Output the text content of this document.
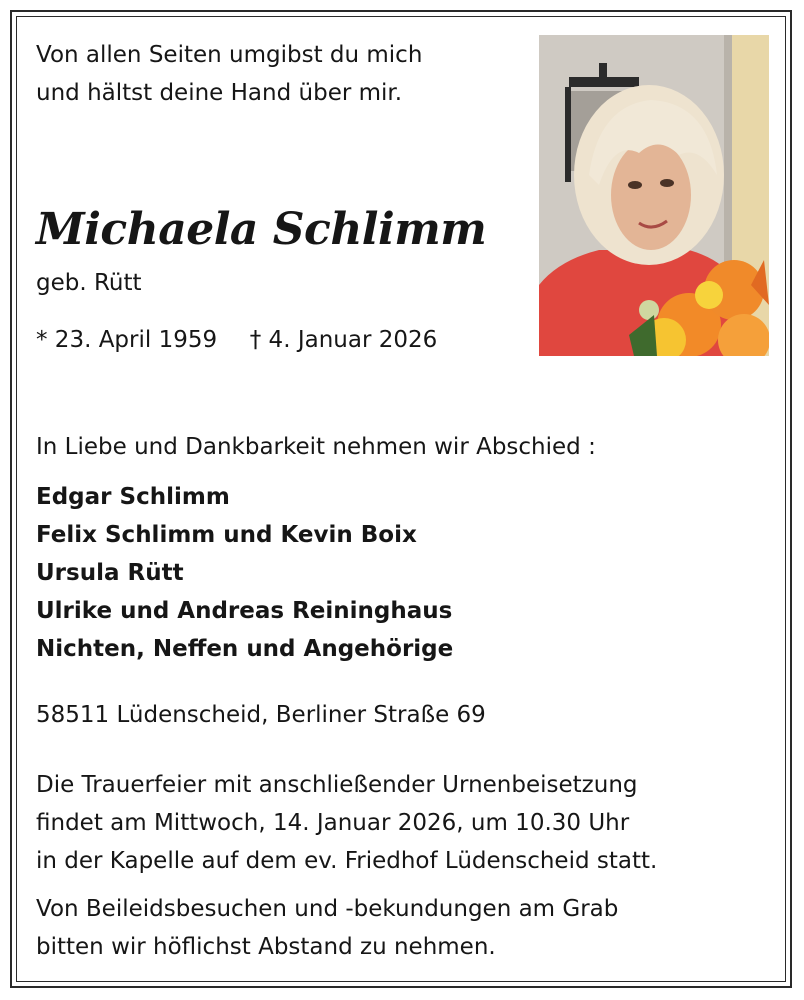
Von allen Seiten umgibst du mich
und hältst deine Hand über mir.
Michaela Schlimm
geb. Rütt
* 23. April 1959 † 4. Januar 2026
In Liebe und Dankbarkeit nehmen wir Abschied :
Edgar Schlimm
Felix Schlimm und Kevin Boix
Ursula Rütt
Ulrike und Andreas Reininghaus
Nichten, Neffen und Angehörige
58511 Lüdenscheid, Berliner Straße 69
Die Trauerfeier mit anschließender Urnenbeisetzung
findet am Mittwoch, 14. Januar 2026, um 10.30 Uhr
in der Kapelle auf dem ev. Friedhof Lüdenscheid statt.
Von Beileidsbesuchen und -bekundungen am Grab
bitten wir höflichst Abstand zu nehmen.
